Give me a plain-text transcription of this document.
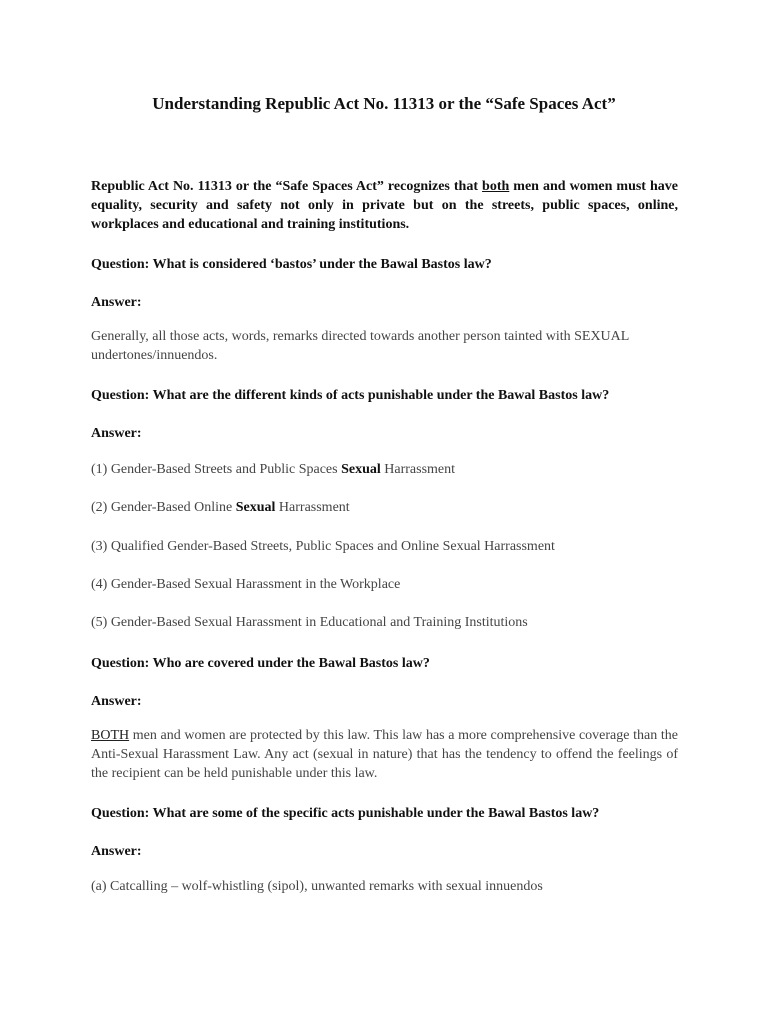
Understanding Republic Act No. 11313 or the “Safe Spaces Act”

Republic Act No. 11313 or the “Safe Spaces Act” recognizes that both men and women must have equality, security and safety not only in private but on the streets, public spaces, online, workplaces and educational and training institutions.

Question: What is considered ‘bastos’ under the Bawal Bastos law?

Answer:

Generally, all those acts, words, remarks directed towards another person tainted with SEXUAL undertones/innuendos.

Question: What are the different kinds of acts punishable under the Bawal Bastos law?

Answer:

(1) Gender-Based Streets and Public Spaces Sexual Harrassment

(2) Gender-Based Online Sexual Harrassment

(3) Qualified Gender-Based Streets, Public Spaces and Online Sexual Harrassment

(4) Gender-Based Sexual Harassment in the Workplace

(5) Gender-Based Sexual Harassment in Educational and Training Institutions

Question: Who are covered under the Bawal Bastos law?

Answer:

BOTH men and women are protected by this law. This law has a more comprehensive coverage than the Anti-Sexual Harassment Law. Any act (sexual in nature) that has the tendency to offend the feelings of the recipient can be held punishable under this law.

Question: What are some of the specific acts punishable under the Bawal Bastos law?

Answer:

(a) Catcalling – wolf-whistling (sipol), unwanted remarks with sexual innuendos
